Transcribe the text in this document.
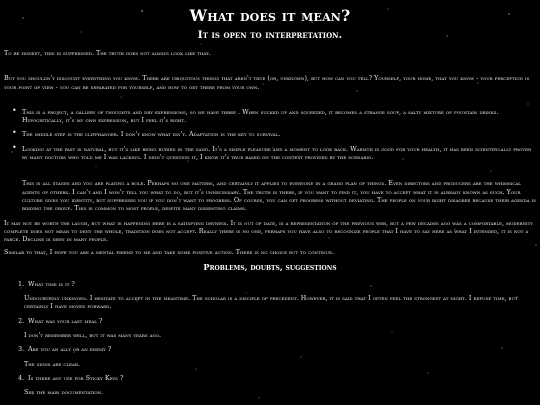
What does it mean?
It is open to interpretation.

To be honest, this is suppressed. The truth does not always look like that.

But you shouldn't discount everything you know. There are ubiquitous things that aren't true (or, unknown), but how can you tell? Yourself, your home, that you know - your perception is your point of view - you can be separated for yourself, and how to get there from your own.

• This is a project, a gallery of thoughts and dry expressions, so we have three . When sucked up and squeezed, it becomes a strange soup, a salty mixture of fountain drinks. Hypocritically, it's my own expression, but I feel it's right.
• The middle step is the cliffhanger. I don't know what isn't. Adaptation is the key to survival.
• Looking at the past is natural, but it's like being buried in the sand. It's a simple pleasure and a moment to look back. Warmth is good for your health, it has been scientifically proven by many doctors who told me I was lacking. I didn't question it, I know it's true based on the context provided by the scenario.

This is all stages and you are playing a role. Perhaps no one matters, and certainly it applies to everyone in a grand plan of things. Even directors and producers are the whimsical agents of others. I can't and I won't tell you what to do, but it's unnecessary. The truth is there, if you want to find it, you have to accept what it is already known as such. Your culture gives you identity, but suppresses you if you don't want to progress. Of course, you can get progress without deviating. The people on your right disagree because their agenda is binding the group. This is common to most people, despite many dissenting claims.

It may not be worth the laugh, but what is happening here is a satisfying dryness. It is out of date, is a representation of the previous web, but a few decades ago was a comfortable, modernity complete does not mean to deny the whole, tradition does not accept. Really there is no one, perhaps you have also to recognize people that I have to say here as what I intended, it is not a farce. Decline is seen in many people.

Similar to that, I hope you are a mental friend to me and take some positive action. There is no choice but to continue.

Problems, doubts, suggestions
1. What time is it ?
Undoubtedly unknown. I hesitate to accept in the meantime. The scholar is a disciple of precedent. However, it is said that I often feel the strongest at night. I refuse time, but certainly I have moved forward.
2. What was your last meal ?
I don't remember well, but it was many years ago.
3. Are you an ally or an enemy ?
The signs are clear.
4. Is there any use for Sticky Keys ?
See the main documentation.
